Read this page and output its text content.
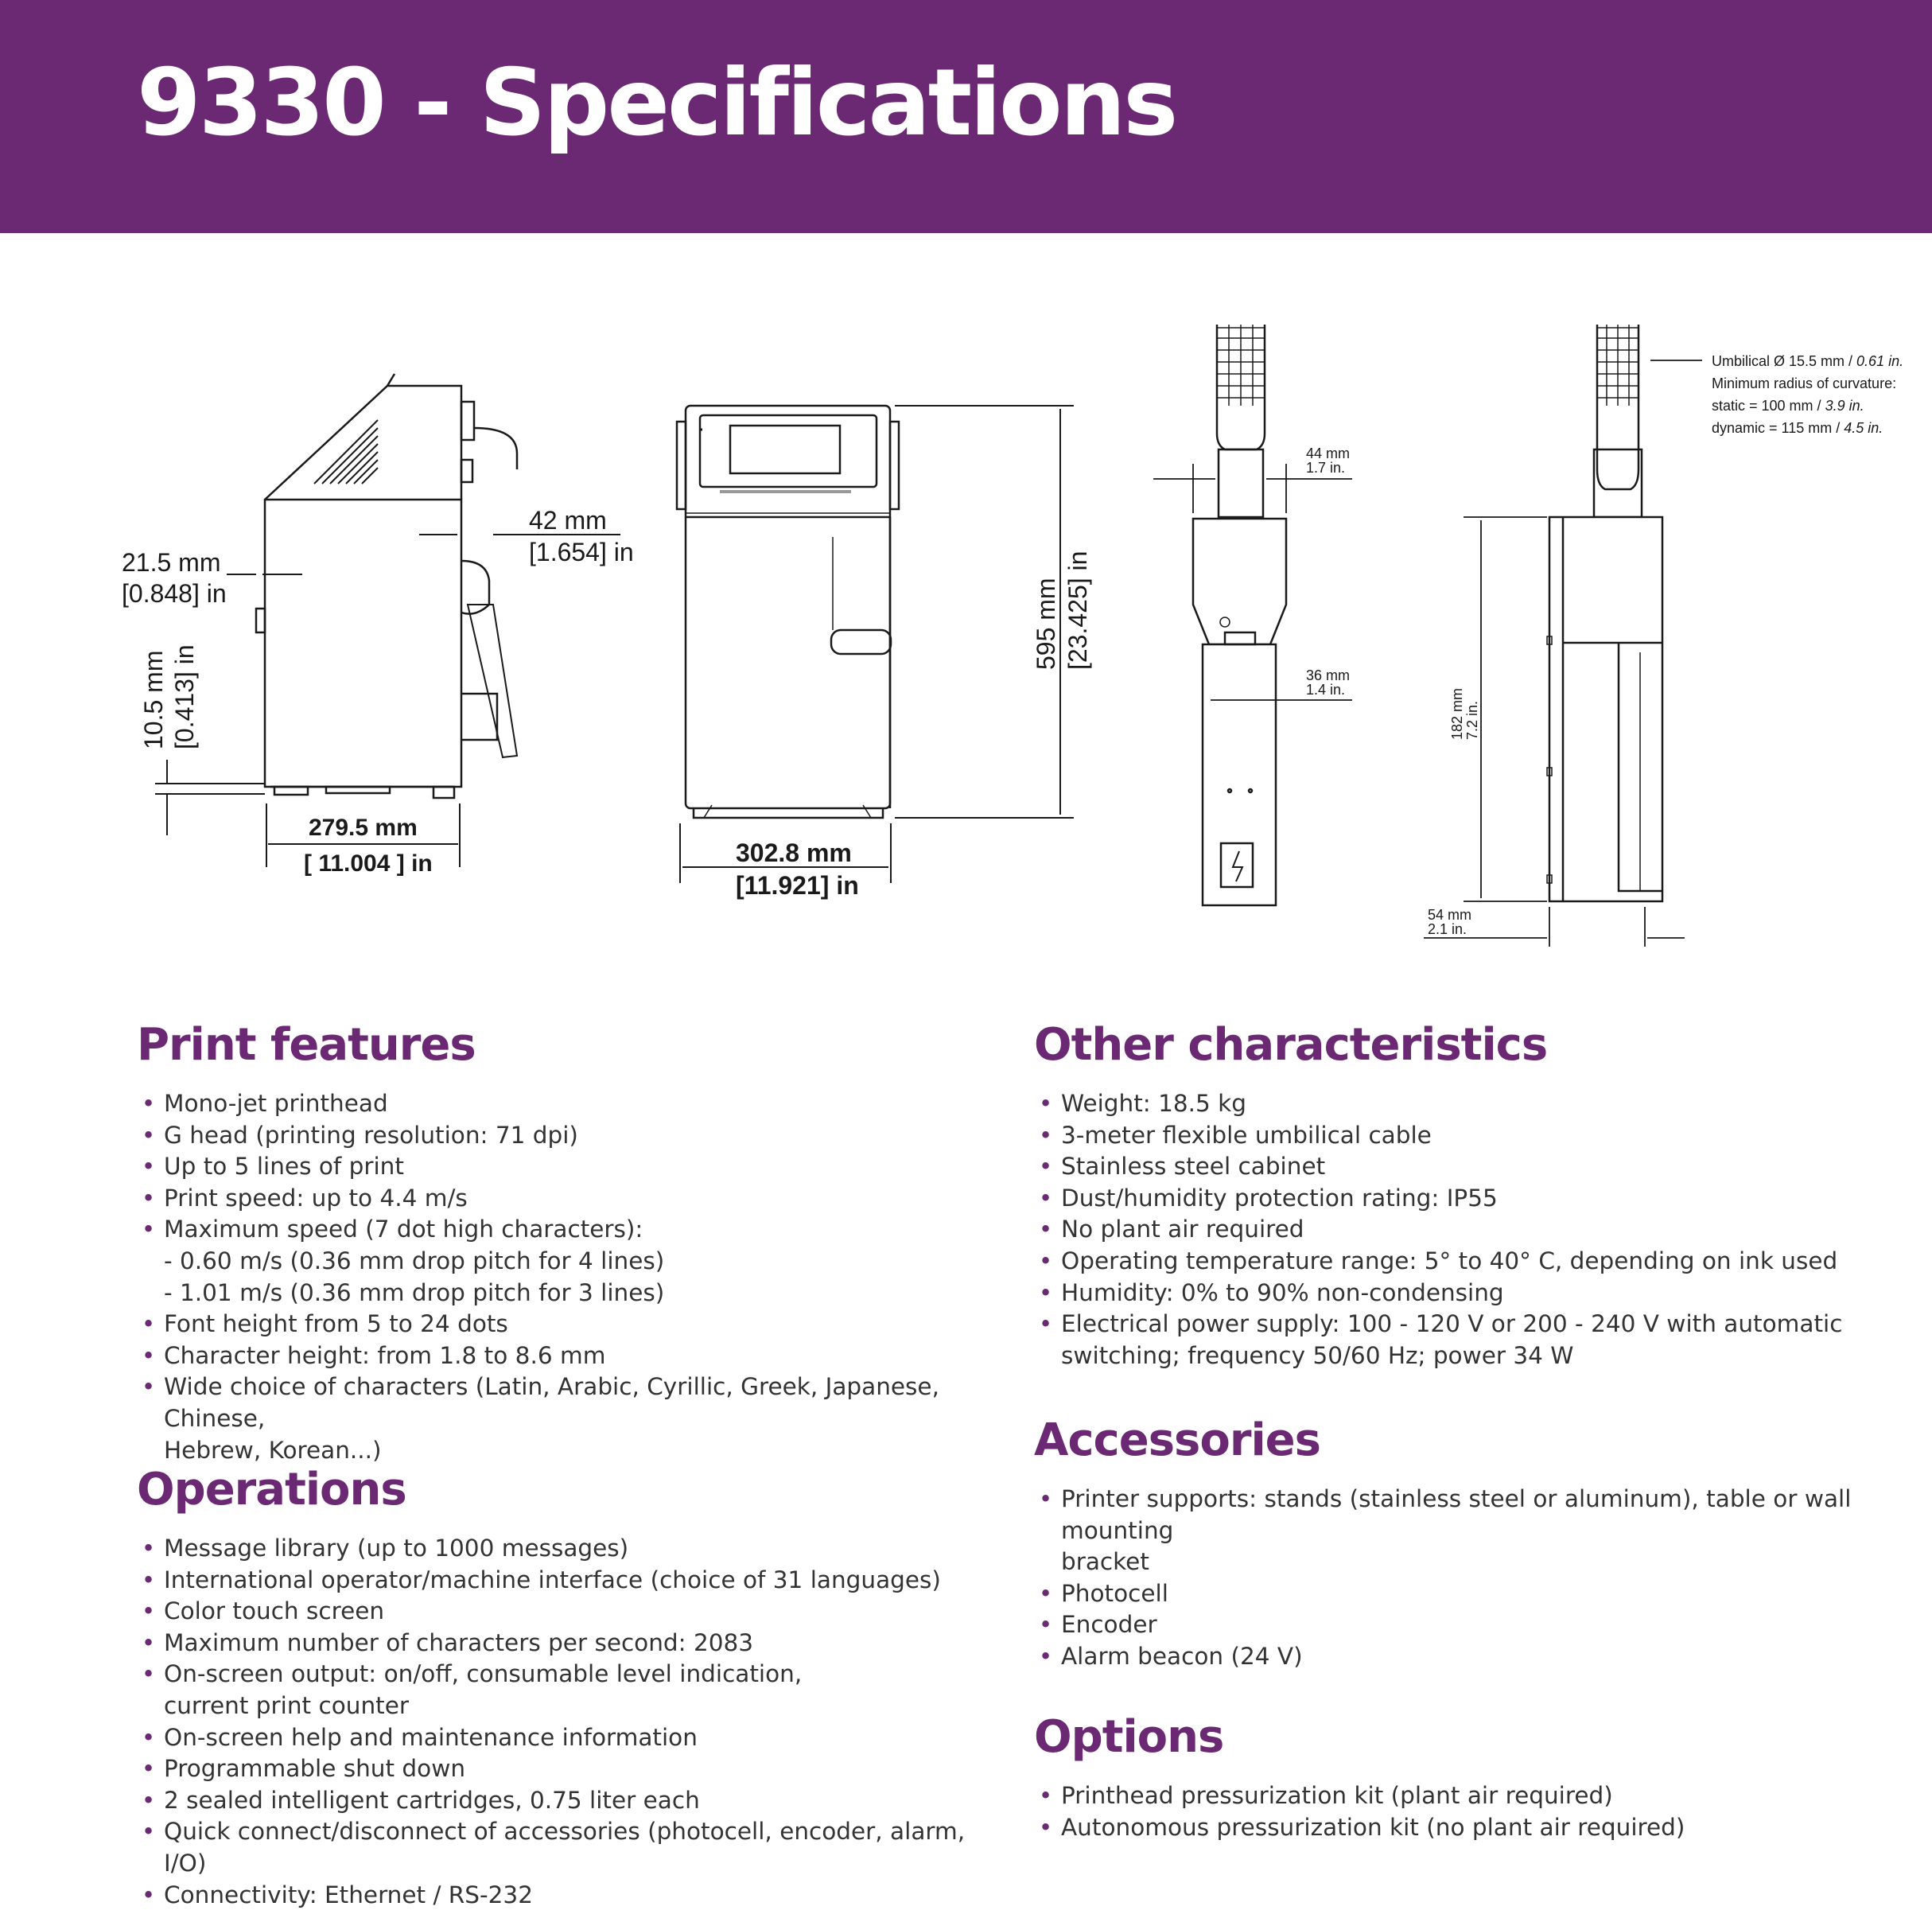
9330 - Specifications
21.5 mm
[0.848] in
42 mm
[1.654] in
10.5 mm [0.413] in
279.5 mm
[ 11.004 ] in
595 mm [23.425] in
302.8 mm
[11.921] in
44 mm
1.7 in.
36 mm
1.4 in.
Umbilical Ø 15.5 mm / 0.61 in.
Minimum radius of curvature:
static = 100 mm / 3.9 in.
dynamic = 115 mm / 4.5 in.
182 mm 7.2 in.
54 mm
2.1 in.
Print features
• Mono-jet printhead
• G head (printing resolution: 71 dpi)
• Up to 5 lines of print
• Print speed: up to 4.4 m/s
• Maximum speed (7 dot high characters):
- 0.60 m/s (0.36 mm drop pitch for 4 lines)
- 1.01 m/s (0.36 mm drop pitch for 3 lines)
• Font height from 5 to 24 dots
• Character height: from 1.8 to 8.6 mm
• Wide choice of characters (Latin, Arabic, Cyrillic, Greek, Japanese, Chinese,
Hebrew, Korean...)
Operations
• Message library (up to 1000 messages)
• International operator/machine interface (choice of 31 languages)
• Color touch screen
• Maximum number of characters per second: 2083
• On-screen output: on/off, consumable level indication,
current print counter
• On-screen help and maintenance information
• Programmable shut down
• 2 sealed intelligent cartridges, 0.75 liter each
• Quick connect/disconnect of accessories (photocell, encoder, alarm, I/O)
• Connectivity: Ethernet / RS-232
Other characteristics
• Weight: 18.5 kg
• 3-meter flexible umbilical cable
• Stainless steel cabinet
• Dust/humidity protection rating: IP55
• No plant air required
• Operating temperature range: 5° to 40° C, depending on ink used
• Humidity: 0% to 90% non-condensing
• Electrical power supply: 100 - 120 V or 200 - 240 V with automatic
switching; frequency 50/60 Hz; power 34 W
Accessories
• Printer supports: stands (stainless steel or aluminum), table or wall mounting
bracket
• Photocell
• Encoder
• Alarm beacon (24 V)
Options
• Printhead pressurization kit (plant air required)
• Autonomous pressurization kit (no plant air required)
